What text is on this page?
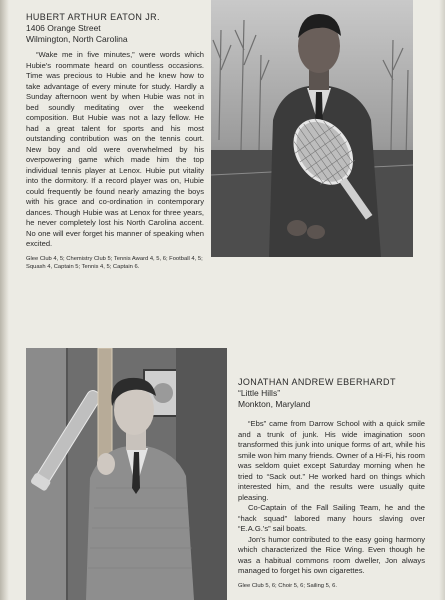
HUBERT ARTHUR EATON JR.
1406 Orange Street
Wilmington, North Carolina

“Wake me in five minutes,” were words which Hubie's roommate heard on countless occasions. Time was precious to Hubie and he knew how to take advantage of every minute for study. Hardly a Sunday afternoon went by when Hubie was not in bed soundly meditating over the weekend composition. But Hubie was not a lazy fellow. He had a great talent for sports and his most outstanding contribution was on the tennis court. New boy and old were overwhelmed by his overpowering game which made him the top individual tennis player at Lenox. Hubie put vitality into the dormitory. If a record player was on, Hubie could frequently be found nearly amazing the boys with his grace and co-ordination in contemporary dances. Though Hubie was at Lenox for three years, he never completely lost his North Carolina accent. No one will ever forget his manner of speaking when excited.

Glee Club 4, 5; Chemistry Club 5; Tennis Award 4, 5, 6; Football 4, 5; Squash 4, Captain 5; Tennis 4, 5; Captain 6.
JONATHAN ANDREW EBERHARDT
“Little Hills”
Monkton, Maryland

“Ebs” came from Darrow School with a quick smile and a trunk of junk. His wide imagination soon transformed this junk into unique forms of art, while his smile won him many friends. Owner of a Hi-Fi, his room was seldom quiet except Saturday morning when he tried to “Sack out.” He worked hard on things which interested him, and the results were usually quite pleasing.

Co-Captain of the Fall Sailing Team, he and the “hack squad” labored many hours slaving over “E.A.G.'s” sail boats.

Jon's humor contributed to the easy going harmony which characterized the Rice Wing. Even though he was a habitual commons room dweller, Jon always managed to forget his own cigarettes.

Glee Club 5, 6; Choir 5, 6; Sailing 5, 6.
